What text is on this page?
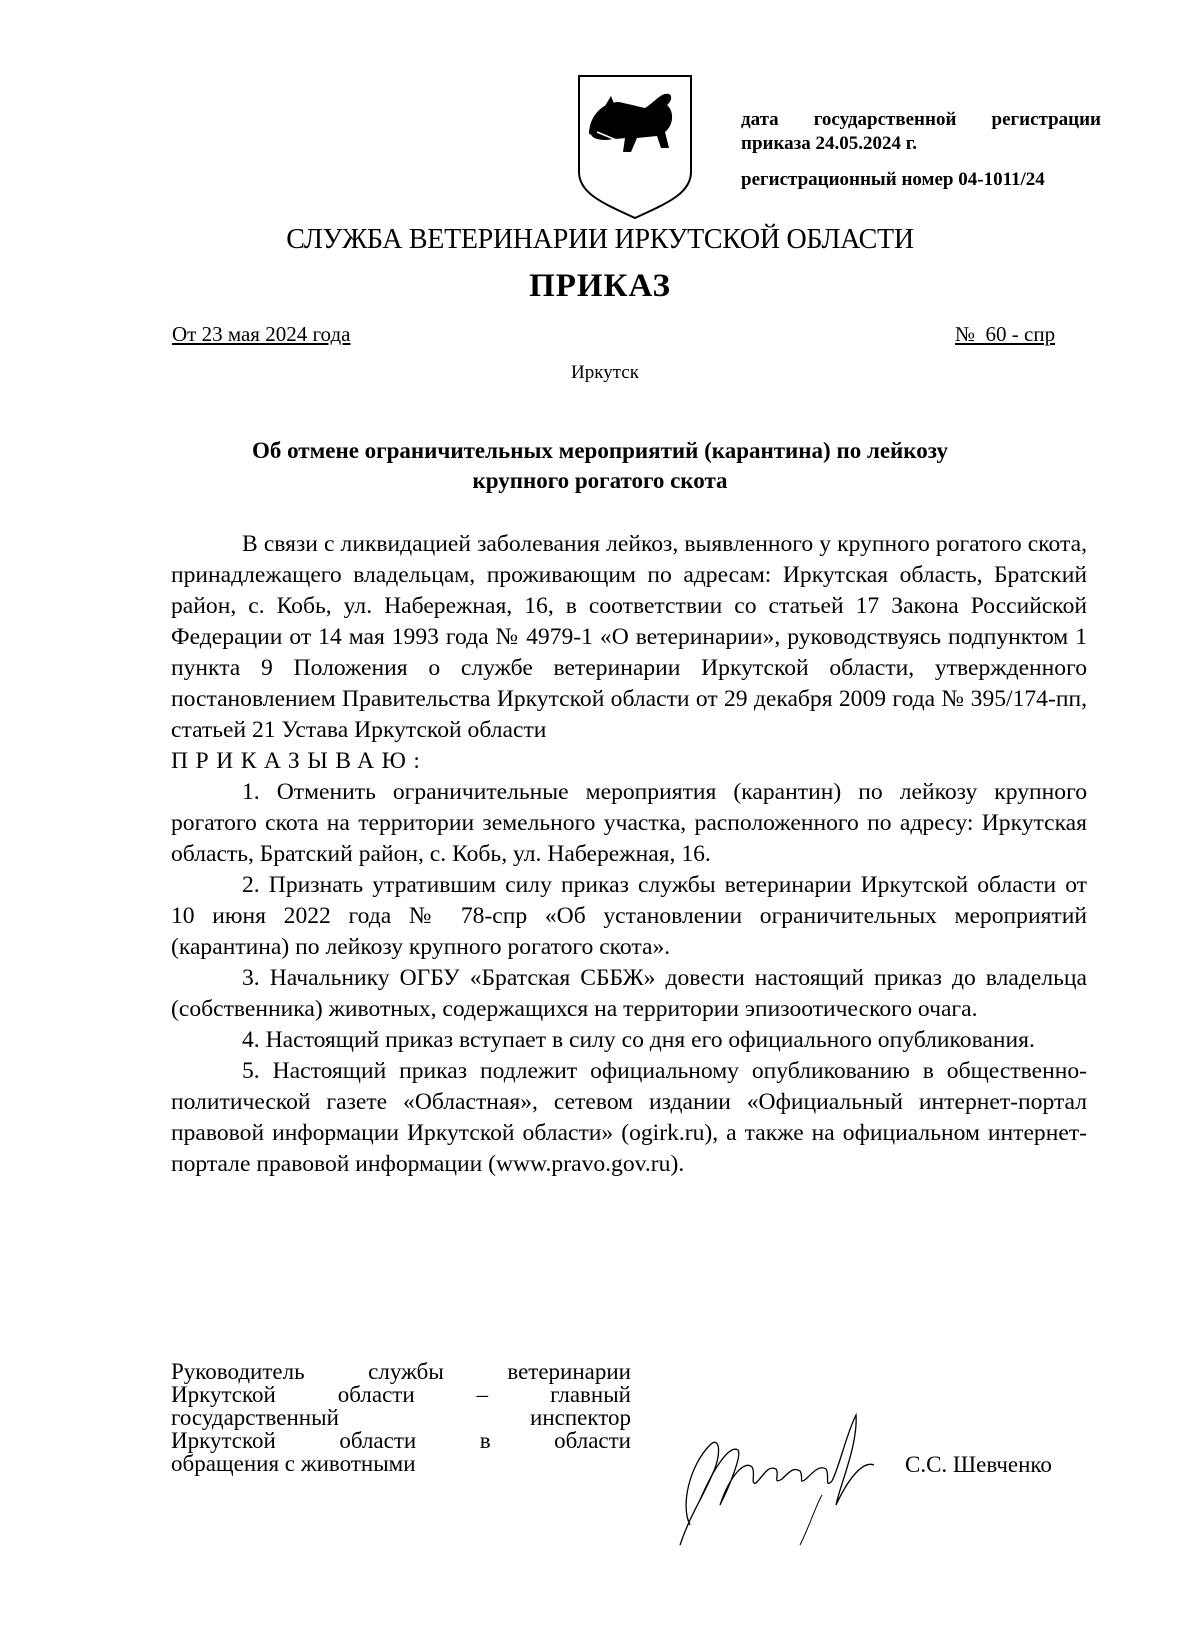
дата государственной регистрации
приказа 24.05.2024 г.
регистрационный номер 04-1011/24
СЛУЖБА ВЕТЕРИНАРИИ ИРКУТСКОЙ ОБЛАСТИ
ПРИКАЗ
От 23 мая 2024 года	№  60 - спр
Иркутск
Об отмене ограничительных мероприятий (карантина) по лейкозу
крупного рогатого скота

В связи с ликвидацией заболевания лейкоз, выявленного у крупного рогатого скота, принадлежащего владельцам, проживающим по адресам: Иркутская область, Братский район, с. Кобь, ул. Набережная, 16, в соответствии со статьей 17 Закона Российской Федерации от 14 мая 1993 года № 4979-1 «О ветеринарии», руководствуясь подпунктом 1 пункта 9 Положения о службе ветеринарии Иркутской области, утвержденного постановлением Правительства Иркутской области от 29 декабря 2009 года № 395/174-пп, статьей 21 Устава Иркутской области

ПРИКАЗЫВАЮ:

1. Отменить ограничительные мероприятия (карантин) по лейкозу крупного рогатого скота на территории земельного участка, расположенного по адресу: Иркутская область, Братский район, с. Кобь, ул. Набережная, 16.

2. Признать утратившим силу приказ службы ветеринарии Иркутской области от 10 июня 2022 года № 78-спр «Об установлении ограничительных мероприятий (карантина) по лейкозу крупного рогатого скота».

3. Начальнику ОГБУ «Братская СББЖ» довести настоящий приказ до владельца (собственника) животных, содержащихся на территории эпизоотического очага.

4. Настоящий приказ вступает в силу со дня его официального опубликования.

5. Настоящий приказ подлежит официальному опубликованию в общественно-политической газете «Областная», сетевом издании «Официальный интернет-портал правовой информации Иркутской области» (ogirk.ru), а также на официальном интернет-портале правовой информации (www.pravo.gov.ru).

Руководитель службы ветеринарии
Иркутской области – главный
государственный инспектор
Иркутской области в области
обращения с животными	С.С. Шевченко
